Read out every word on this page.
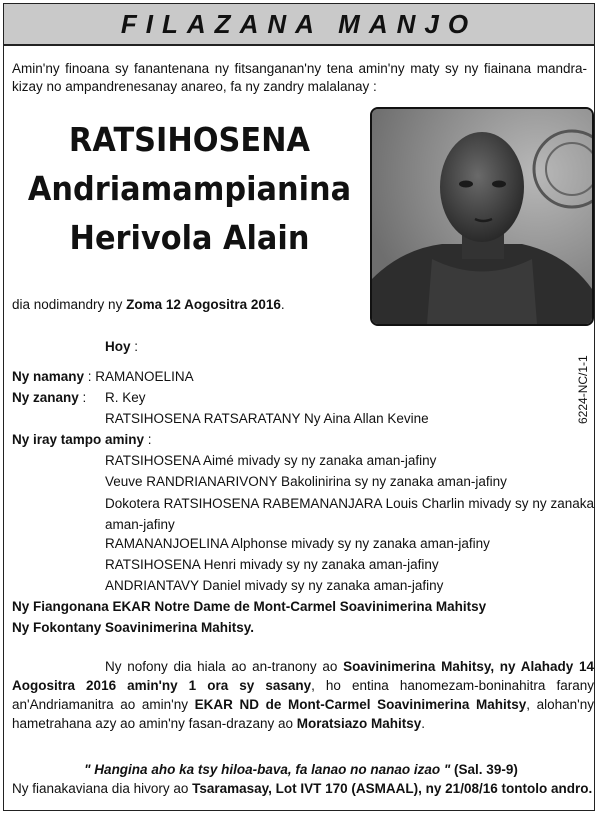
FILAZANA MANJO
Amin'ny finoana sy fanantenana ny fitsanganan'ny tena amin'ny maty sy ny fiainana mandra-kizay no ampandrenesanay anareo, fa ny zandry malalanay :
RATSIHOSENA
Andriamampianina
Herivola Alain
dia nodimandry ny Zoma 12 Aogositra 2016.
Hoy :
Ny namany : RAMANOELINA
Ny zanany : R. Key
RATSIHOSENA RATSARATANY Ny Aina Allan Kevine
Ny iray tampo aminy :
RATSIHOSENA Aimé mivady sy ny zanaka aman-jafiny
Veuve RANDRIANARIVONY Bakolinirina sy ny zanaka aman-jafiny
Dokotera RATSIHOSENA RABEMANANJARA Louis Charlin mivady sy ny zanaka aman-jafiny
RAMANANJOELINA Alphonse mivady sy ny zanaka aman-jafiny
RATSIHOSENA Henri mivady sy ny zanaka aman-jafiny
ANDRIANTAVY Daniel mivady sy ny zanaka aman-jafiny
Ny Fiangonana EKAR Notre Dame de Mont-Carmel Soavinimerina Mahitsy
Ny Fokontany Soavinimerina Mahitsy.
Ny nofony dia hiala ao an-tranony ao Soavinimerina Mahitsy, ny Alahady 14 Aogositra 2016 amin'ny 1 ora sy sasany, ho entina hanomezam-boninahitra farany an'Andriamanitra ao amin'ny EKAR ND de Mont-Carmel Soavinimerina Mahitsy, alohan'ny hametrahana azy ao amin'ny fasan-drazany ao Moratsiazo Mahitsy.
" Hangina aho ka tsy hiloa-bava, fa lanao no nanao izao " (Sal. 39-9)
Ny fianakaviana dia hivory ao Tsaramasay, Lot IVT 170 (ASMAAL), ny 21/08/16 tontolo andro.
6224-NC/1-1
